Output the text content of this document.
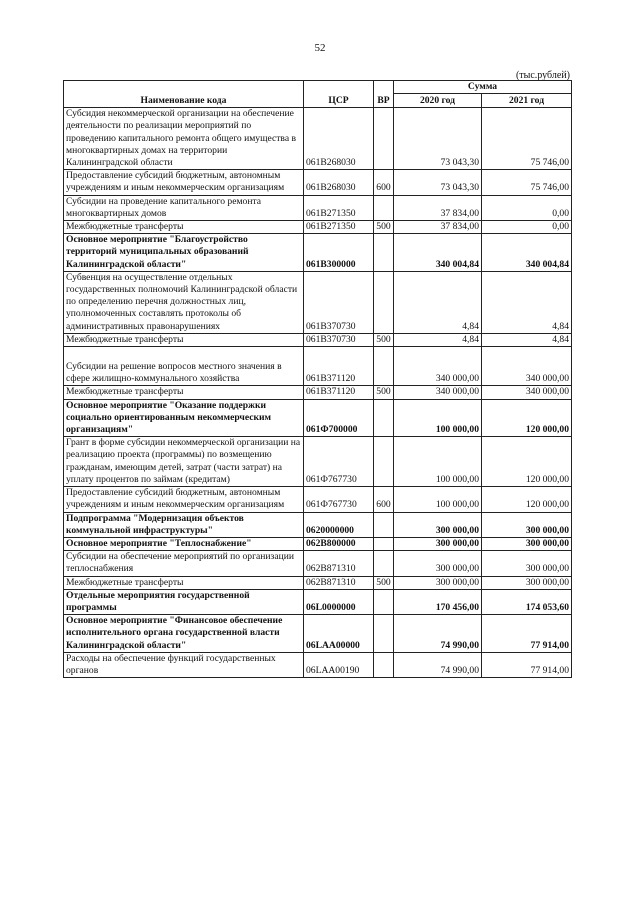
52
(тыс.рублей)
Наименование кода	ЦСР	ВР	Сумма	
			2020 год	2021 год
Субсидия некоммерческой организации на обеспечение деятельности по реализации мероприятий по проведению капитального ремонта общего имущества в многоквартирных домах на территории Калининградской области	061B268030		73 043,30	75 746,00
Предоставление субсидий бюджетным, автономным учреждениям и иным некоммерческим организациям	061B268030	600	73 043,30	75 746,00
Субсидии на проведение капитального ремонта многоквартирных домов	061B271350		37 834,00	0,00
Межбюджетные трансферты	061B271350	500	37 834,00	0,00
Основное мероприятие "Благоустройство территорий муниципальных образований Калининградской области"	061B300000		340 004,84	340 004,84
Субвенция на осуществление отдельных государственных полномочий Калининградской области по определению перечня должностных лиц, уполномоченных составлять протоколы об административных правонарушениях	061B370730		4,84	4,84
Межбюджетные трансферты	061B370730	500	4,84	4,84
Субсидии на решение вопросов местного значения в сфере жилищно-коммунального хозяйства	061B371120		340 000,00	340 000,00
Межбюджетные трансферты	061B371120	500	340 000,00	340 000,00
Основное мероприятие "Оказание поддержки социально ориентированным некоммерческим организациям"	061Ф700000		100 000,00	120 000,00
Грант в форме субсидии некоммерческой организации на реализацию проекта (программы) по возмещению гражданам, имеющим детей, затрат (части затрат) на уплату процентов по займам (кредитам)	061Ф767730		100 000,00	120 000,00
Предоставление субсидий бюджетным, автономным учреждениям и иным некоммерческим организациям	061Ф767730	600	100 000,00	120 000,00
Подпрограмма "Модернизация объектов коммунальной инфраструктуры"	0620000000		300 000,00	300 000,00
Основное мероприятие "Теплоснабжение"	062B800000		300 000,00	300 000,00
Субсидии на обеспечение мероприятий по организации теплоснабжения	062B871310		300 000,00	300 000,00
Межбюджетные трансферты	062B871310	500	300 000,00	300 000,00
Отдельные мероприятия государственной программы	06L0000000		170 456,00	174 053,60
Основное мероприятие "Финансовое обеспечение исполнительного органа государственной власти Калининградской области"	06LAA00000		74 990,00	77 914,00
Расходы на обеспечение функций государственных органов	06LAA00190		74 990,00	77 914,00
